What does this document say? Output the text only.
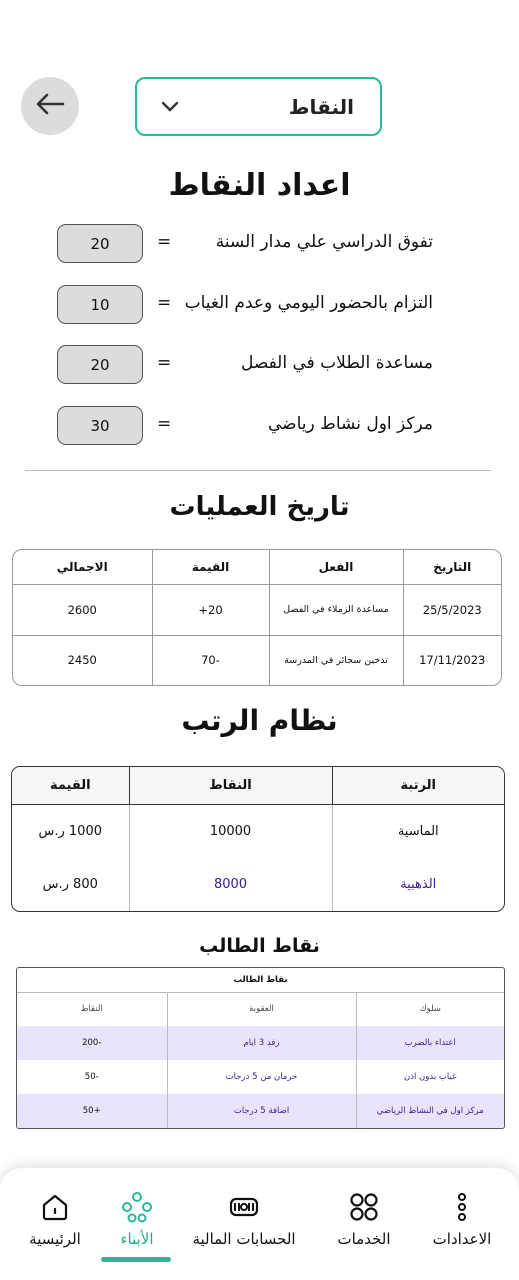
النقاط
اعداد النقاط
تفوق الدراسي علي مدار السنة
=
20
التزام بالحضور اليومي وعدم الغياب
=
10
مساعدة الطلاب في الفصل
=
20
مركز اول نشاط رياضي
=
30
تاريخ العمليات
التاريخ	الفعل	القيمة	الاجمالي
25/5/2023	مساعدة الزملاء في الفصل	20+	2600
17/11/2023	تدخين سجائر في المدرسة	-70	2450
نظام الرتب
الرتبة	النقاط	القيمة
الماسية	10000	1000 ر.س
الذهبية	8000	800 ر.س
نقاط الطالب
نقاط الطالب		
سلوك	العقوبة	النقاط
اعتداء بالضرب	رفد 3 ايام	-200
غياب بدون اذن	حرمان من 5 درجات	-50
مركز اول في النشاط الرياضي	اضافة 5 درجات	+50
الرئيسية	الأبناء	الحسابات المالية	الخدمات	الاعدادات
